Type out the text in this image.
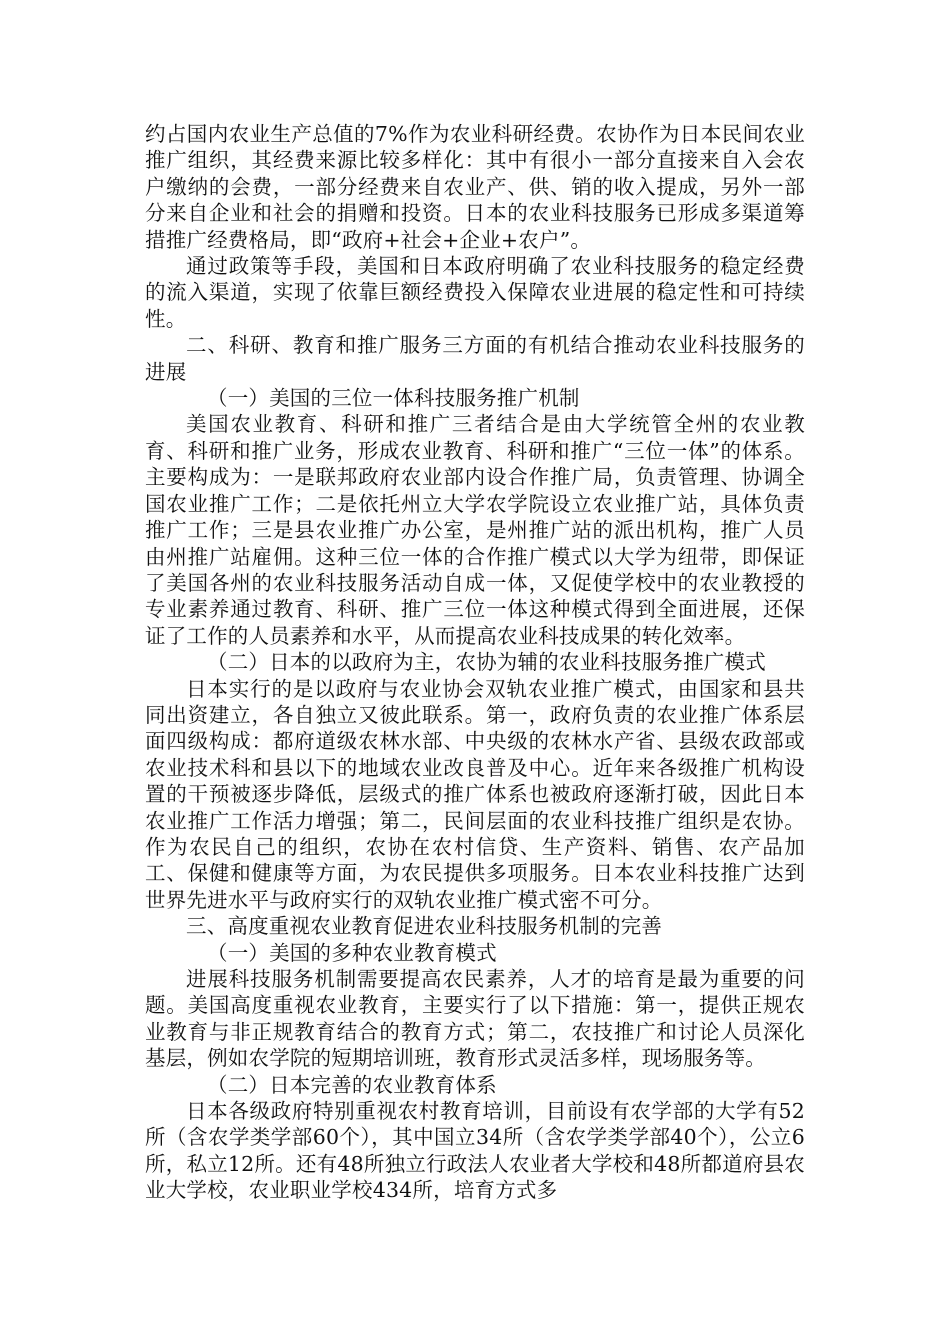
约占国内农业生产总值的7%作为农业科研经费。农协作为日本民间农业推广组织，其经费来源比较多样化：其中有很小一部分直接来自入会农户缴纳的会费，一部分经费来自农业产、供、销的收入提成，另外一部分来自企业和社会的捐赠和投资。日本的农业科技服务已形成多渠道筹措推广经费格局，即“政府+社会+企业+农户”。

通过政策等手段，美国和日本政府明确了农业科技服务的稳定经费的流入渠道，实现了依靠巨额经费投入保障农业进展的稳定性和可持续性。

二、科研、教育和推广服务三方面的有机结合推动农业科技服务的进展

（一）美国的三位一体科技服务推广机制

美国农业教育、科研和推广三者结合是由大学统管全州的农业教育、科研和推广业务，形成农业教育、科研和推广“三位一体”的体系。主要构成为：一是联邦政府农业部内设合作推广局，负责管理、协调全国农业推广工作；二是依托州立大学农学院设立农业推广站，具体负责推广工作；三是县农业推广办公室，是州推广站的派出机构，推广人员由州推广站雇佣。这种三位一体的合作推广模式以大学为纽带，即保证了美国各州的农业科技服务活动自成一体，又促使学校中的农业教授的专业素养通过教育、科研、推广三位一体这种模式得到全面进展，还保证了工作的人员素养和水平，从而提高农业科技成果的转化效率。

（二）日本的以政府为主，农协为辅的农业科技服务推广模式

日本实行的是以政府与农业协会双轨农业推广模式，由国家和县共同出资建立，各自独立又彼此联系。第一，政府负责的农业推广体系层面四级构成：都府道级农林水部、中央级的农林水产省、县级农政部或农业技术科和县以下的地域农业改良普及中心。近年来各级推广机构设置的干预被逐步降低，层级式的推广体系也被政府逐渐打破，因此日本农业推广工作活力增强；第二，民间层面的农业科技推广组织是农协。作为农民自己的组织，农协在农村信贷、生产资料、销售、农产品加工、保健和健康等方面，为农民提供多项服务。日本农业科技推广达到世界先进水平与政府实行的双轨农业推广模式密不可分。

三、高度重视农业教育促进农业科技服务机制的完善

（一）美国的多种农业教育模式

进展科技服务机制需要提高农民素养，人才的培育是最为重要的问题。美国高度重视农业教育，主要实行了以下措施：第一，提供正规农业教育与非正规教育结合的教育方式；第二，农技推广和讨论人员深化基层，例如农学院的短期培训班，教育形式灵活多样，现场服务等。

（二）日本完善的农业教育体系

日本各级政府特别重视农村教育培训，目前设有农学部的大学有52所（含农学类学部60个），其中国立34所（含农学类学部40个），公立6所，私立12所。还有48所独立行政法人农业者大学校和48所都道府县农业大学校，农业职业学校434所，培育方式多
